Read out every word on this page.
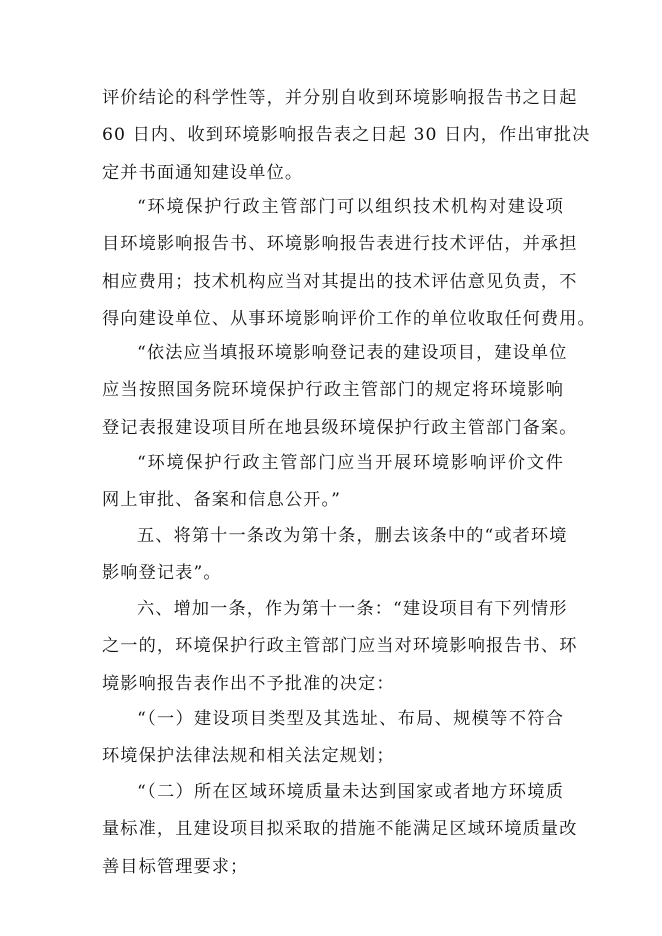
评价结论的科学性等，并分别自收到环境影响报告书之日起
60 日内、收到环境影响报告表之日起 30 日内，作出审批决
定并书面通知建设单位。
“环境保护行政主管部门可以组织技术机构对建设项
目环境影响报告书、环境影响报告表进行技术评估，并承担
相应费用；技术机构应当对其提出的技术评估意见负责，不
得向建设单位、从事环境影响评价工作的单位收取任何费用。
“依法应当填报环境影响登记表的建设项目，建设单位
应当按照国务院环境保护行政主管部门的规定将环境影响
登记表报建设项目所在地县级环境保护行政主管部门备案。
“环境保护行政主管部门应当开展环境影响评价文件
网上审批、备案和信息公开。”
五、将第十一条改为第十条，删去该条中的“或者环境
影响登记表”。
六、增加一条，作为第十一条：“建设项目有下列情形
之一的，环境保护行政主管部门应当对环境影响报告书、环
境影响报告表作出不予批准的决定：
“（一）建设项目类型及其选址、布局、规模等不符合
环境保护法律法规和相关法定规划；
“（二）所在区域环境质量未达到国家或者地方环境质
量标准，且建设项目拟采取的措施不能满足区域环境质量改
善目标管理要求；
